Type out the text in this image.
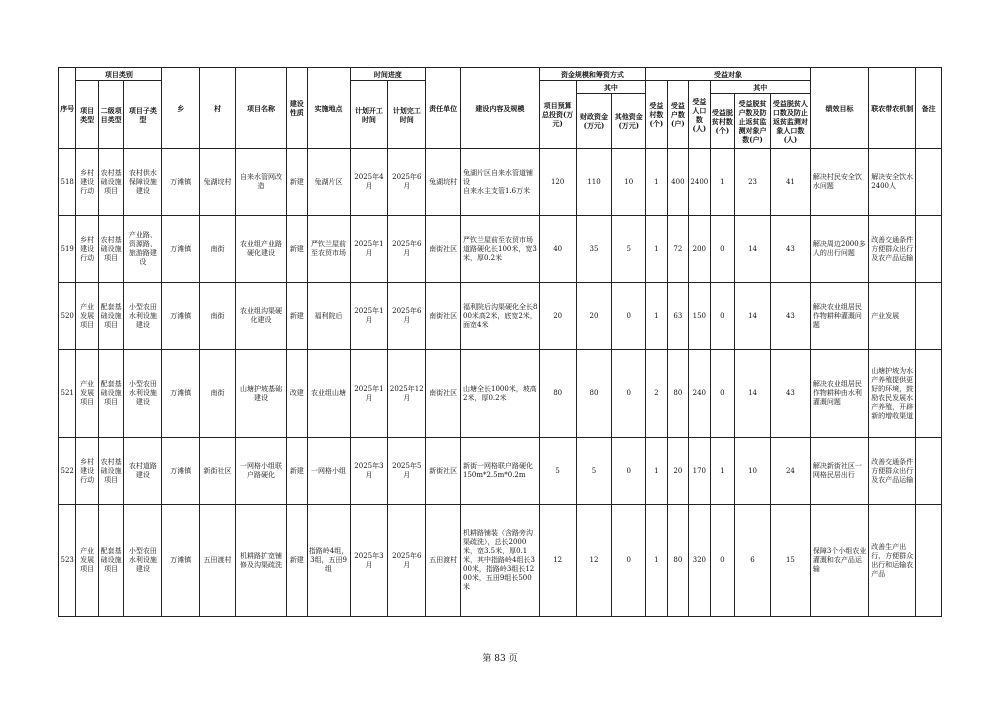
序号	项目类别			乡	村	项目名称	建设性质	实施地点	时间进度		责任单位	建设内容及规模	资金规模和筹资方式			受益对象						绩效目标	联农带农机制	备注
	项目类型	二级项目类型	项目子类型						计划开工时间	计划完工时间			项目预算总投资(万元)	其中		受益村数(个)	受益户数(户)	受益人口数(人)	其中					
														财政资金(万元)	其他资金(万元)				受益脱贫村数(个)	受益脱贫户数及防止返贫监测对象户数(户)	受益脱贫人口数及防止返贫监测对象人口数(人)			
518	乡村建设行动	农村基础设施项目	农村供水保障设施建设	万滩镇	兔湖垸村	自来水管网改造	新建	兔湖片区	2025年4月	2025年6月	兔湖垸村	兔湖片区自来水管道铺设
自来水主支管1.6万米	120	110	10	1	400	2400	1	23	41	解决村民安全饮水问题	解决安全饮水2400人	
519	乡村建设行动	农村基础设施项目	产业路、资源路、旅游路建设	万滩镇	南街	农业组产业路硬化建设	新建	严钦兰屋前至农贸市场	2025年1月	2025年6月	南街社区	严钦兰屋前至农贸市场道路硬化长100米，宽3米，厚0.2米	40	35	5	1	72	200	0	14	43	解决周边2000多人的出行问题	改善交通条件方便群众出行及农产品运输	
520	产业发展项目	配套基础设施项目	小型农田水利设施建设	万滩镇	南街	农业组沟渠硬化建设	新建	福利院后	2025年1月	2025年6月	南街社区	福利院后沟渠硬化全长800米高2米，底宽2米，面宽4米	20	20	0	1	63	150	0	14	43	解决农业组居民作物耕种灌溉问题	产业发展	
521	产业发展项目	配套基础设施项目	小型农田水利设施建设	万滩镇	南街	山塘护坡基础建设	改建	农业组山塘	2025年1月	2025年12月	南街社区	山塘全长1000米，坡高2米，厚0.2米	80	80	0	2	80	240	0	14	43	解决农业组居民作物耕种由水利灌溉问题	山塘护坡为水产养殖提供更好的环境，鼓励农民发展水产养殖，开辟新的增收渠道	
522	乡村建设行动	农村基础设施项目	农村道路建设	万滩镇	新街社区	一网格小组联户路硬化	新建	一网格小组	2025年3月	2025年5月	新街社区	新街一网格联户路硬化
150m*2.5m*0.2m	5	5	0	1	20	170	1	10	24	解决新街社区一网格民居出行	改善交通条件方便群众出行及农产品运输	
523	产业发展项目	配套基础设施项目	小型农田水利设施建设	万滩镇	五田渡村	机耕路扩宽铺修及沟渠疏洗	新建	指路岭4组，3组，五田9组	2025年3月	2025年6月	五田渡村	机耕路铺装（含路旁沟渠疏洗），总长2000米，宽3.5米，厚0.1米，其中指路岭4组长300米，指路岭3组长1200米，五田9组长500米	12	12	0	1	80	320	0	6	15	保障3个小组农业灌溉和农产品运输	改善生产出行，方便群众出行和运输农产品	
第 83 页
